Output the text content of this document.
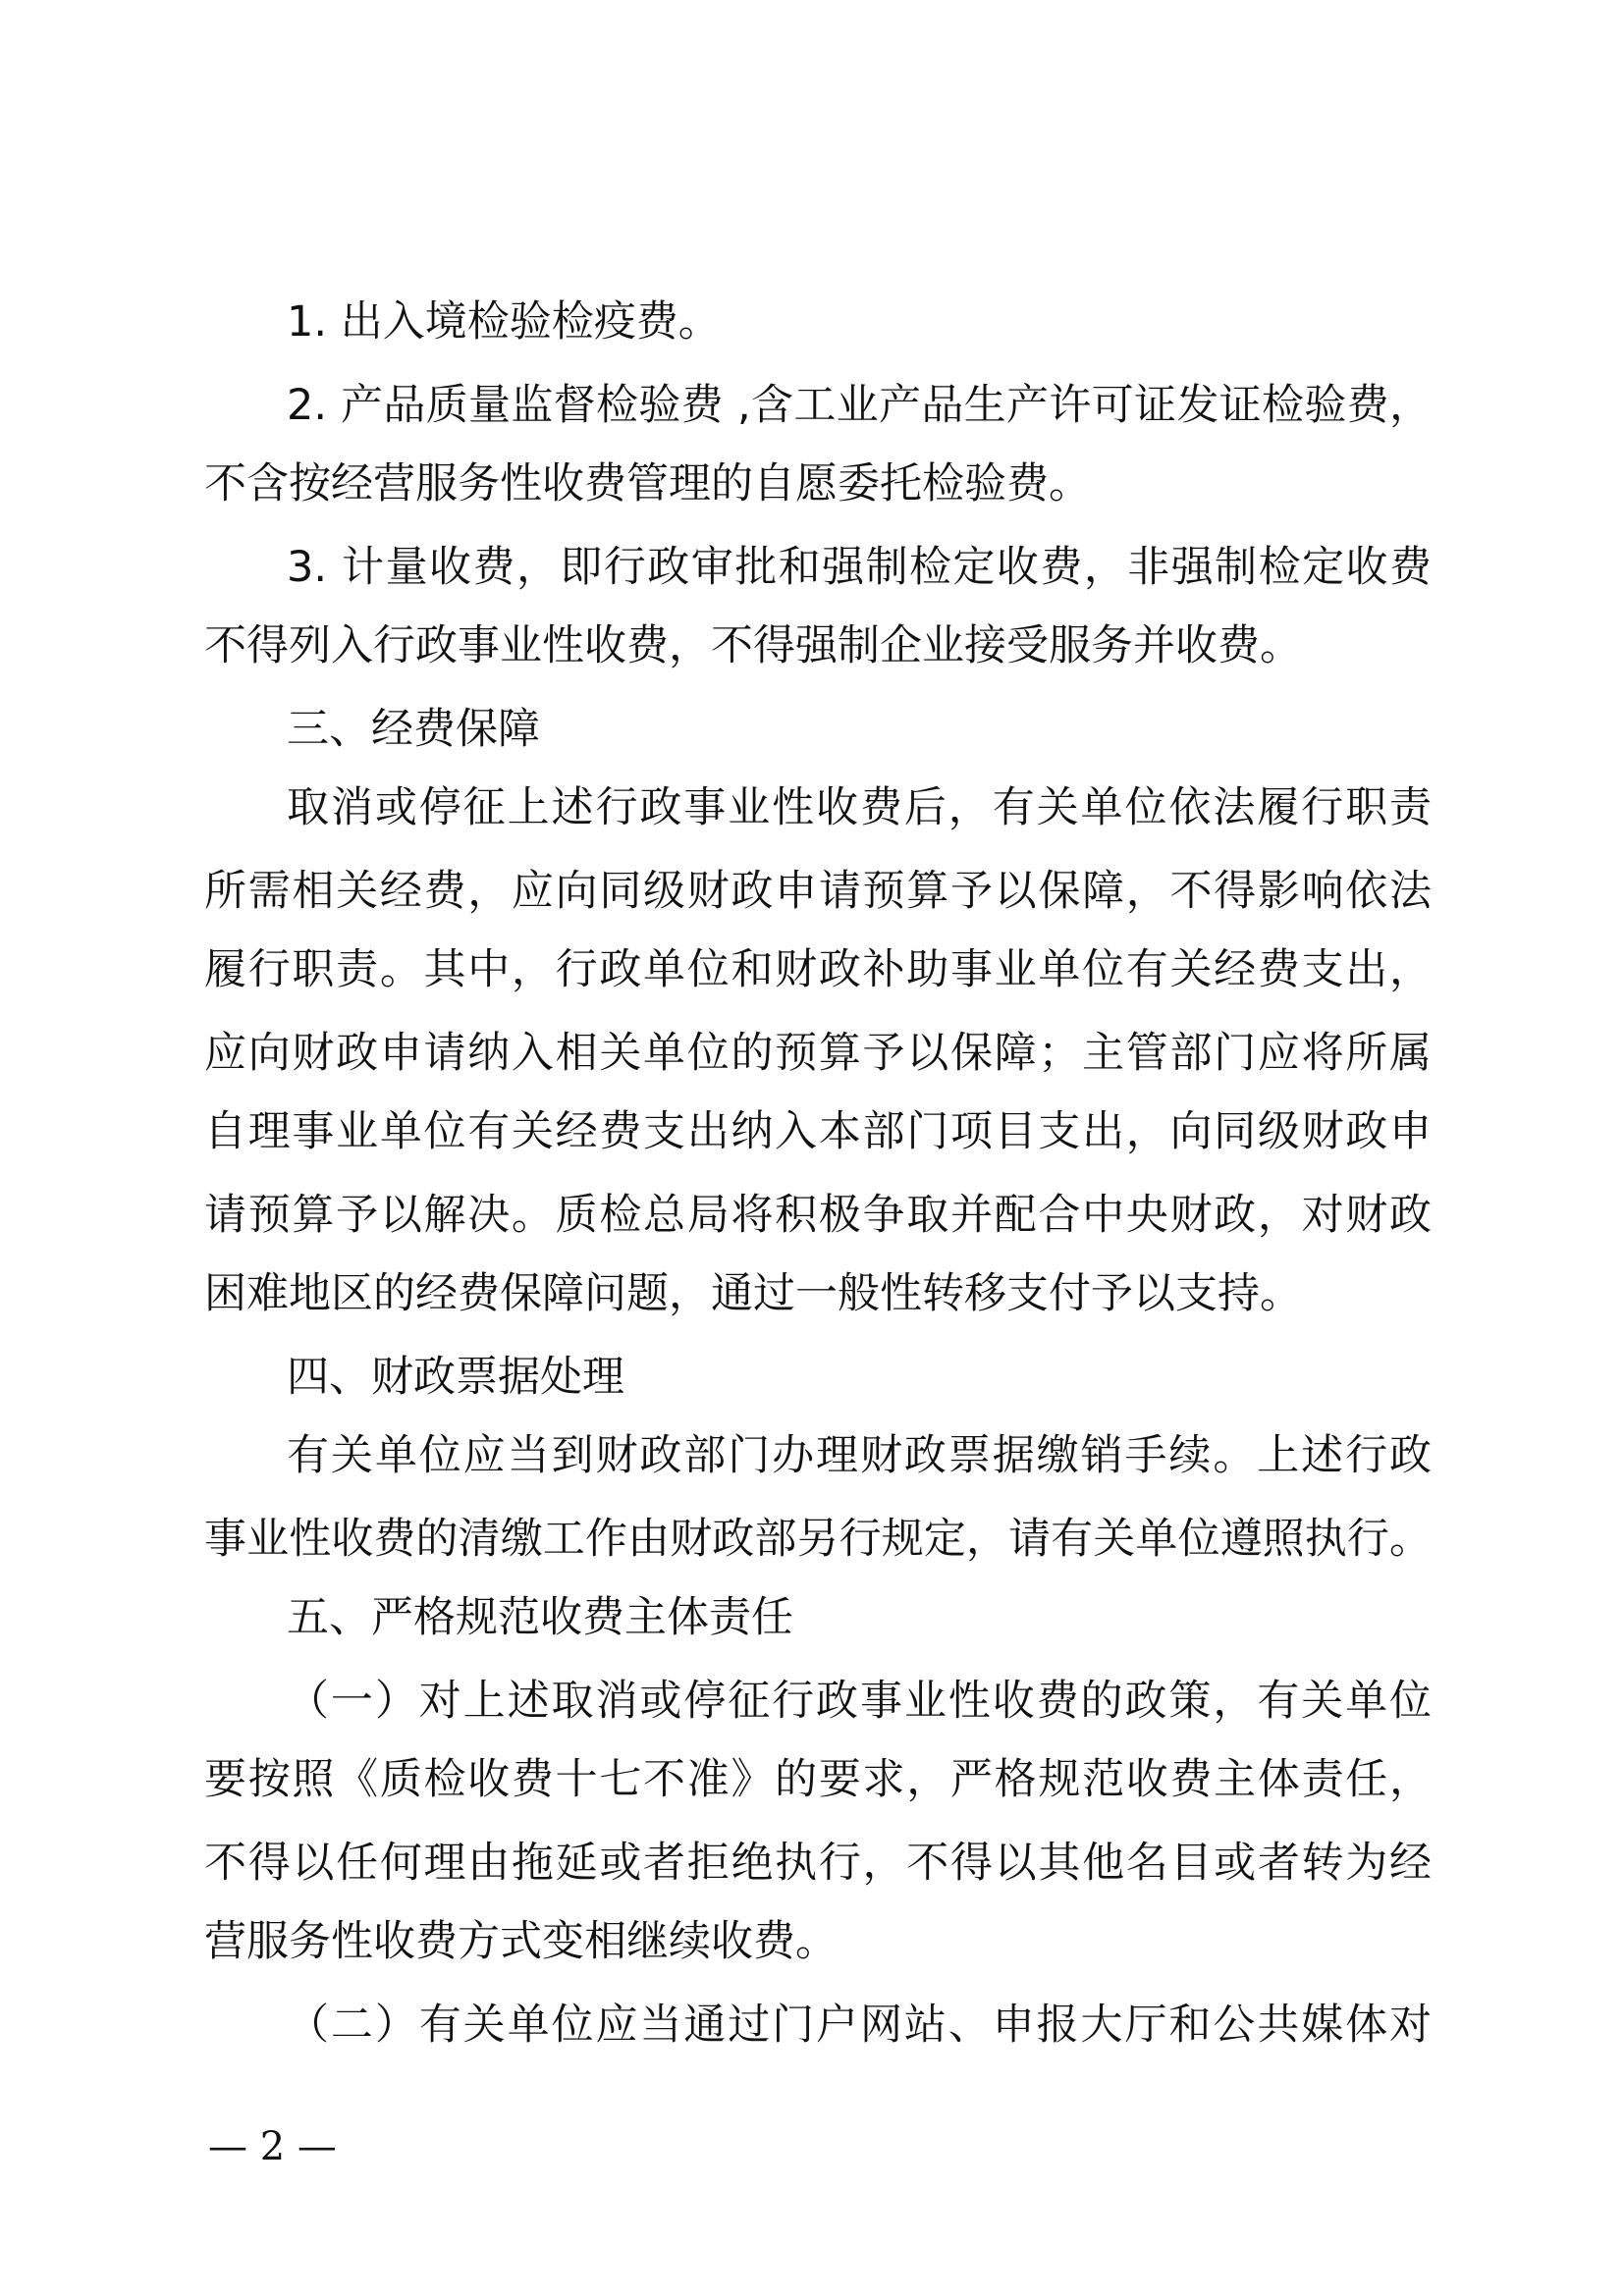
1. 出入境检验检疫费。
2. 产品质量监督检验费 ,含工业产品生产许可证发证检验费，
不含按经营服务性收费管理的自愿委托检验费。
3. 计量收费，即行政审批和强制检定收费，非强制检定收费
不得列入行政事业性收费，不得强制企业接受服务并收费。
三、经费保障
取消或停征上述行政事业性收费后，有关单位依法履行职责
所需相关经费，应向同级财政申请预算予以保障，不得影响依法
履行职责。其中，行政单位和财政补助事业单位有关经费支出，
应向财政申请纳入相关单位的预算予以保障；主管部门应将所属
自理事业单位有关经费支出纳入本部门项目支出，向同级财政申
请预算予以解决。质检总局将积极争取并配合中央财政，对财政
困难地区的经费保障问题，通过一般性转移支付予以支持。
四、财政票据处理
有关单位应当到财政部门办理财政票据缴销手续。上述行政
事业性收费的清缴工作由财政部另行规定，请有关单位遵照执行。
五、严格规范收费主体责任
（一）对上述取消或停征行政事业性收费的政策，有关单位
要按照《质检收费十七不准》的要求，严格规范收费主体责任，
不得以任何理由拖延或者拒绝执行，不得以其他名目或者转为经
营服务性收费方式变相继续收费。
（二）有关单位应当通过门户网站、申报大厅和公共媒体对
— 2 —
